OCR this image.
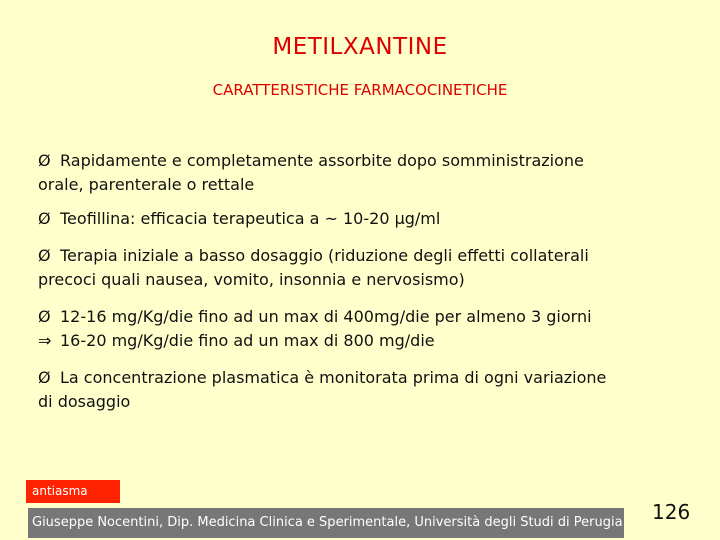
METILXANTINE
CARATTERISTICHE FARMACOCINETICHE
Ø Rapidamente e completamente assorbite dopo somministrazione
orale, parenterale o rettale
Ø Teofillina: efficacia terapeutica a ~ 10-20 μg/ml
Ø Terapia iniziale a basso dosaggio (riduzione degli effetti collaterali
precoci quali nausea, vomito, insonnia e nervosismo)
Ø 12-16 mg/Kg/die fino ad un max di 400mg/die per almeno 3 giorni
⇒ 16-20 mg/Kg/die fino ad un max di 800 mg/die
Ø La concentrazione plasmatica è monitorata prima di ogni variazione
di dosaggio
antiasma
Giuseppe Nocentini, Dip. Medicina Clinica e Sperimentale, Università degli Studi di Perugia 126
